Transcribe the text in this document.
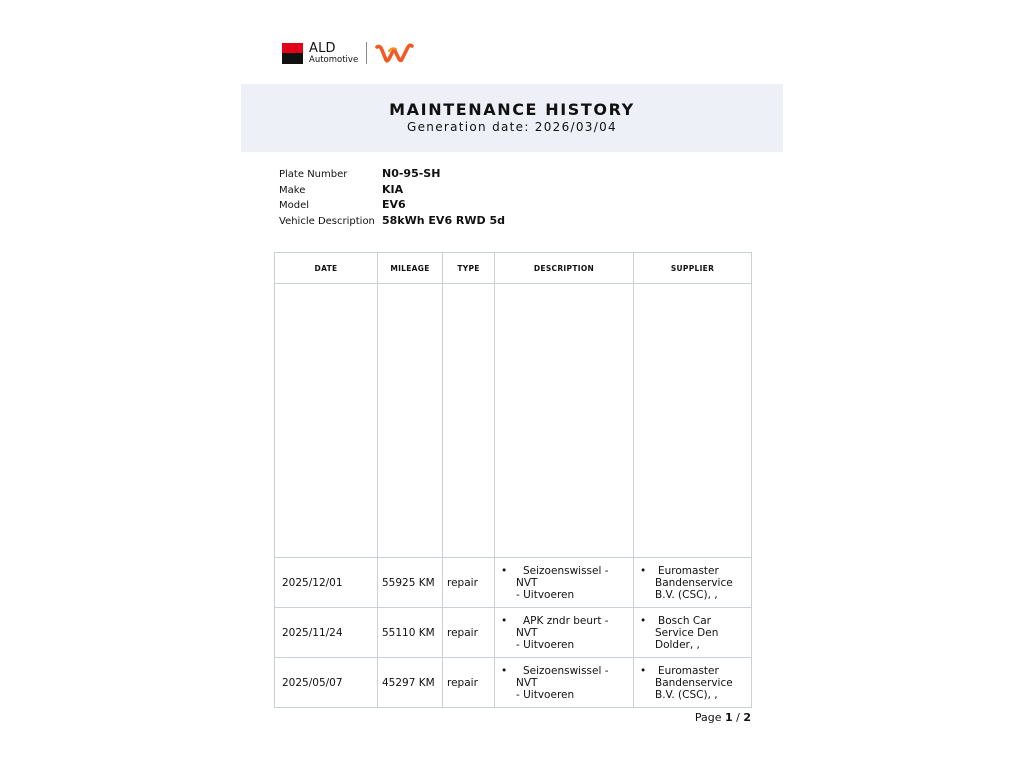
ALD
Automotive
MAINTENANCE HISTORY
Generation date: 2026/03/04
Plate Number	N0-95-SH
Make	KIA
Model	EV6
Vehicle Description 58kWh EV6 RWD 5d
DATE	MILEAGE	TYPE	DESCRIPTION	SUPPLIER

2025/12/01	55925 KM	repair	• Seizoenswissel -
NVT
- Uitvoeren	• Euromaster
Bandenservice
B.V. (CSC), ,

2025/11/24	55110 KM	repair	• APK zndr beurt -
NVT
- Uitvoeren	• Bosch Car
Service Den
Dolder, ,

2025/05/07	45297 KM	repair	• Seizoenswissel -
NVT
- Uitvoeren	• Euromaster
Bandenservice
B.V. (CSC), ,
Page 1 / 2
